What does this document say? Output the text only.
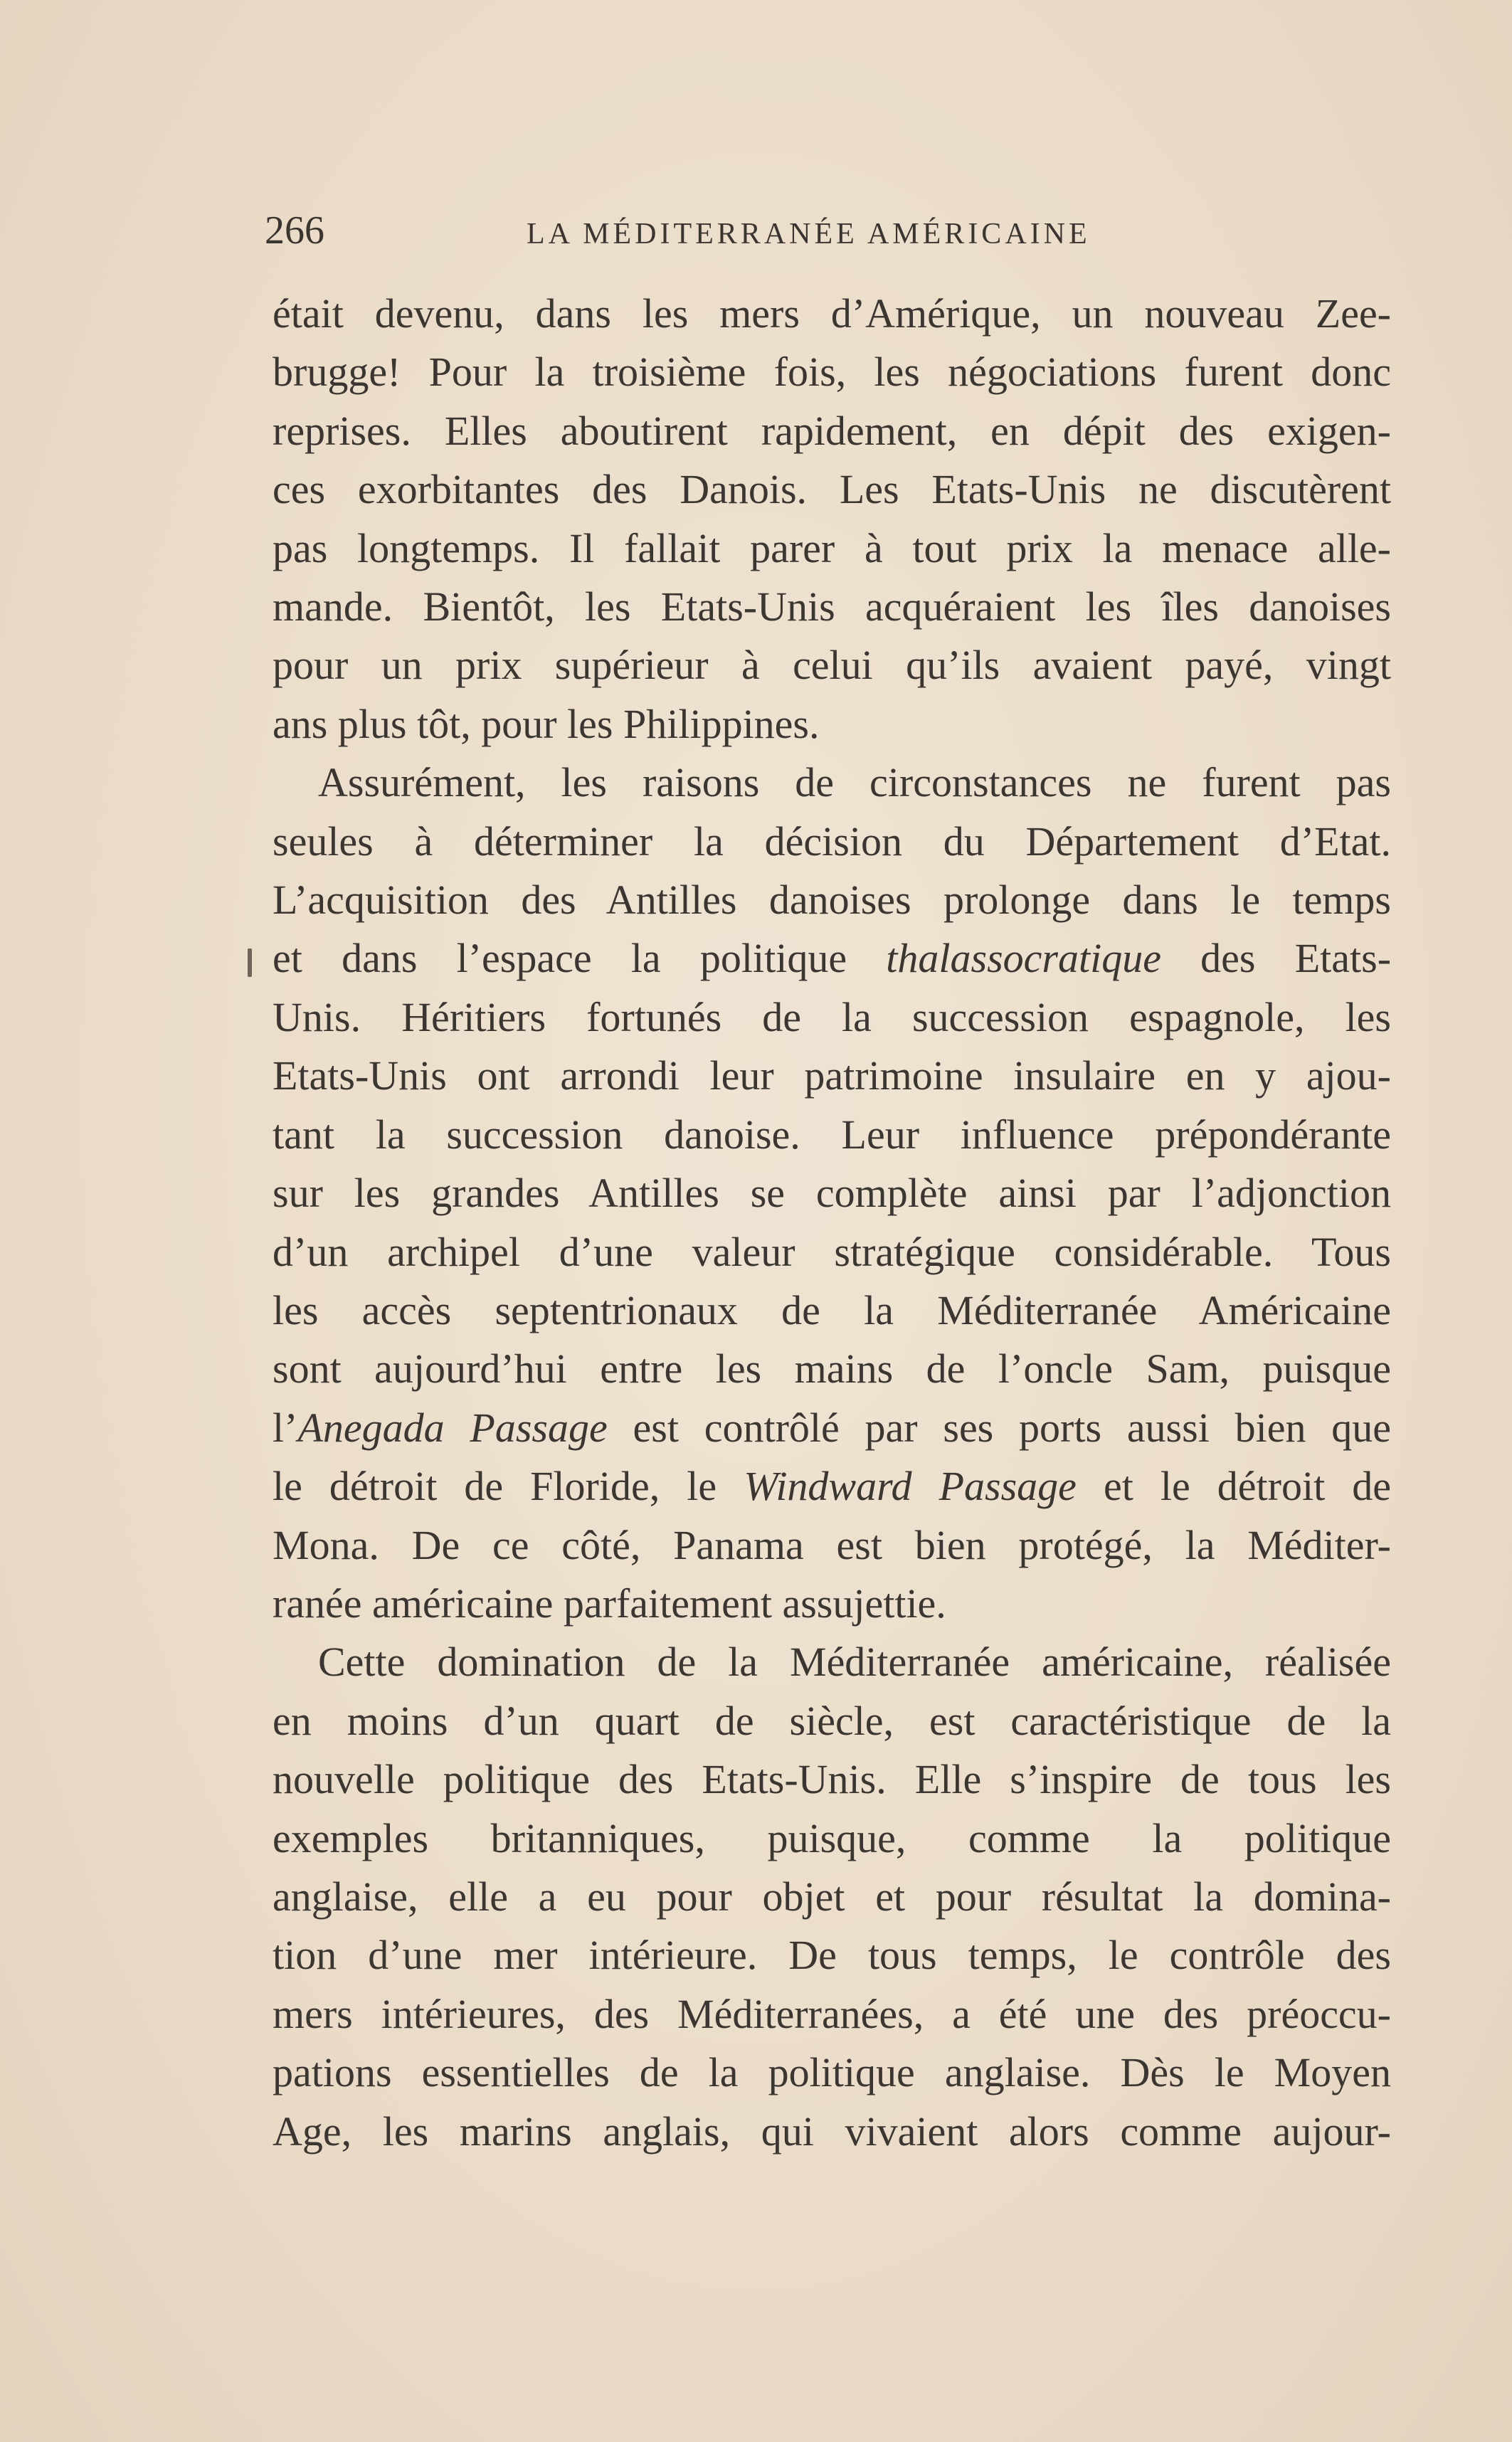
266	LA MÉDITERRANÉE AMÉRICAINE

était devenu, dans les mers d’Amérique, un nouveau Zee-
brugge! Pour la troisième fois, les négociations furent donc
reprises. Elles aboutirent rapidement, en dépit des exigen-
ces exorbitantes des Danois. Les Etats-Unis ne discutèrent
pas longtemps. Il fallait parer à tout prix la menace alle-
mande. Bientôt, les Etats-Unis acquéraient les îles danoises
pour un prix supérieur à celui qu’ils avaient payé, vingt
ans plus tôt, pour les Philippines.

Assurément, les raisons de circonstances ne furent pas
seules à déterminer la décision du Département d’Etat.
L’acquisition des Antilles danoises prolonge dans le temps
et dans l’espace la politique thalassocratique des Etats-
Unis. Héritiers fortunés de la succession espagnole, les
Etats-Unis ont arrondi leur patrimoine insulaire en y ajou-
tant la succession danoise. Leur influence prépondérante
sur les grandes Antilles se complète ainsi par l’adjonction
d’un archipel d’une valeur stratégique considérable. Tous
les accès septentrionaux de la Méditerranée Américaine
sont aujourd’hui entre les mains de l’oncle Sam, puisque
l’Anegada Passage est contrôlé par ses ports aussi bien que
le détroit de Floride, le Windward Passage et le détroit de
Mona. De ce côté, Panama est bien protégé, la Méditer-
ranée américaine parfaitement assujettie.

Cette domination de la Méditerranée américaine, réalisée
en moins d’un quart de siècle, est caractéristique de la
nouvelle politique des Etats-Unis. Elle s’inspire de tous les
exemples britanniques, puisque, comme la politique
anglaise, elle a eu pour objet et pour résultat la domina-
tion d’une mer intérieure. De tous temps, le contrôle des
mers intérieures, des Méditerranées, a été une des préoccu-
pations essentielles de la politique anglaise. Dès le Moyen
Age, les marins anglais, qui vivaient alors comme aujour-
